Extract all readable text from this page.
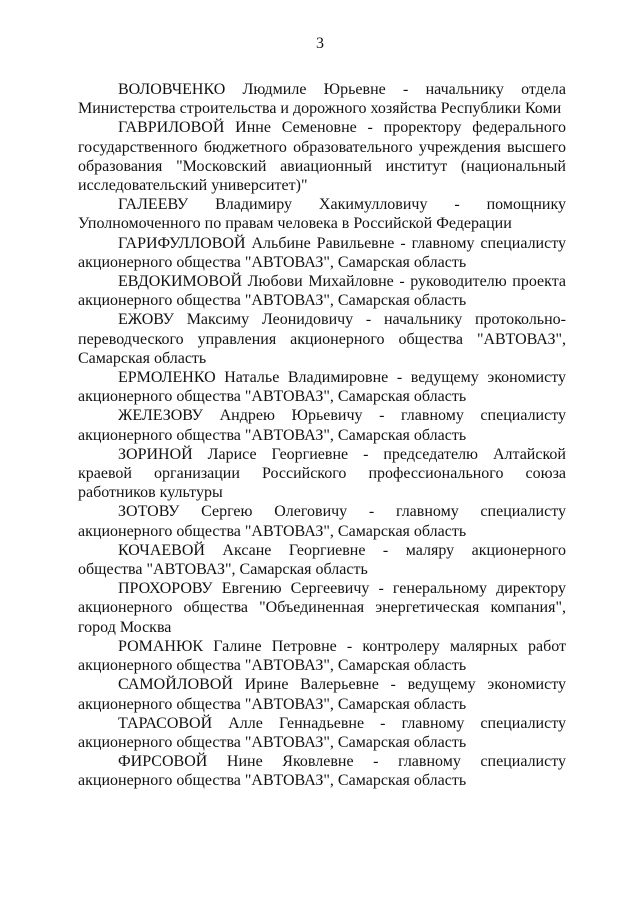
3

ВОЛОВЧЕНКО Людмиле Юрьевне - начальнику отдела Министерства строительства и дорожного хозяйства Республики Коми

ГАВРИЛОВОЙ Инне Семеновне - проректору федерального государственного бюджетного образовательного учреждения высшего образования "Московский авиационный институт (национальный исследовательский университет)"

ГАЛЕЕВУ Владимиру Хакимулловичу - помощнику Уполномоченного по правам человека в Российской Федерации

ГАРИФУЛЛОВОЙ Альбине Равильевне - главному специалисту акционерного общества "АВТОВАЗ", Самарская область

ЕВДОКИМОВОЙ Любови Михайловне - руководителю проекта акционерного общества "АВТОВАЗ", Самарская область

ЕЖОВУ Максиму Леонидовичу - начальнику протокольно-переводческого управления акционерного общества "АВТОВАЗ", Самарская область

ЕРМОЛЕНКО Наталье Владимировне - ведущему экономисту акционерного общества "АВТОВАЗ", Самарская область

ЖЕЛЕЗОВУ Андрею Юрьевичу - главному специалисту акционерного общества "АВТОВАЗ", Самарская область

ЗОРИНОЙ Ларисе Георгиевне - председателю Алтайской краевой организации Российского профессионального союза работников культуры

ЗОТОВУ Сергею Олеговичу - главному специалисту акционерного общества "АВТОВАЗ", Самарская область

КОЧАЕВОЙ Аксане Георгиевне - маляру акционерного общества "АВТОВАЗ", Самарская область

ПРОХОРОВУ Евгению Сергеевичу - генеральному директору акционерного общества "Объединенная энергетическая компания", город Москва

РОМАНЮК Галине Петровне - контролеру малярных работ акционерного общества "АВТОВАЗ", Самарская область

САМОЙЛОВОЙ Ирине Валерьевне - ведущему экономисту акционерного общества "АВТОВАЗ", Самарская область

ТАРАСОВОЙ Алле Геннадьевне - главному специалисту акционерного общества "АВТОВАЗ", Самарская область

ФИРСОВОЙ Нине Яковлевне - главному специалисту акционерного общества "АВТОВАЗ", Самарская область
